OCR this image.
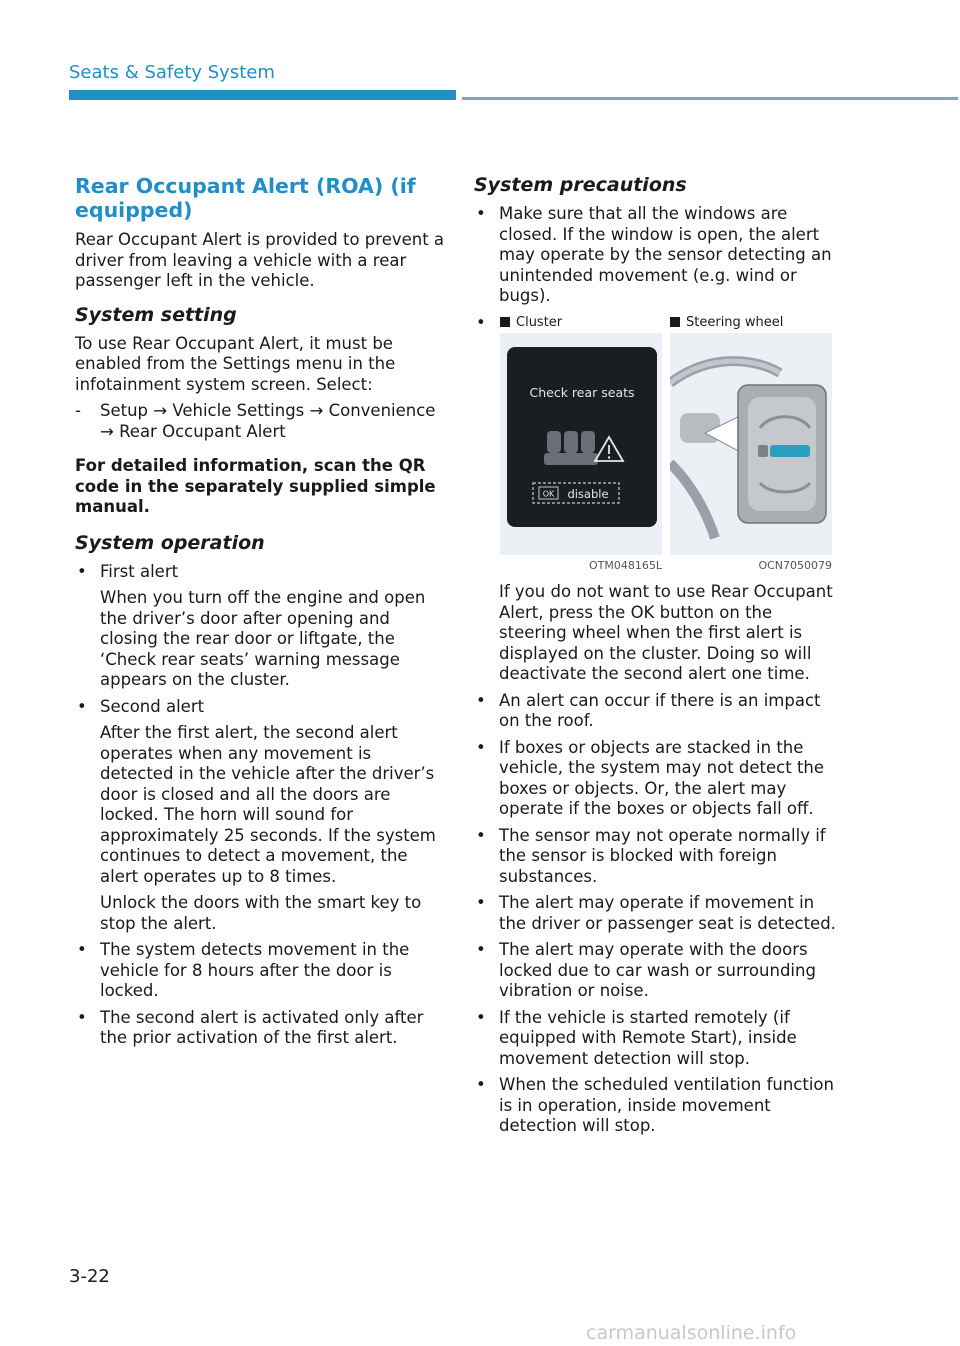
Seats & Safety System
Rear Occupant Alert (ROA) (if equipped)

Rear Occupant Alert is provided to prevent a driver from leaving a vehicle with a rear passenger left in the vehicle.

System setting

To use Rear Occupant Alert, it must be enabled from the Settings menu in the infotainment system screen. Select:

- Setup → Vehicle Settings → Convenience → Rear Occupant Alert

For detailed information, scan the QR code in the separately supplied simple manual.

System operation
• First alert

When you turn off the engine and open the driver’s door after opening and closing the rear door or liftgate, the ‘Check rear seats’ warning message appears on the cluster.

• Second alert

After the first alert, the second alert operates when any movement is detected in the vehicle after the driver’s door is closed and all the doors are locked. The horn will sound for approximately 25 seconds. If the system continues to detect a movement, the alert operates up to 8 times.

Unlock the doors with the smart key to stop the alert.

• The system detects movement in the vehicle for 8 hours after the door is locked.

• The second alert is activated only after the prior activation of the first alert.

System precautions
• Make sure that all the windows are closed. If the window is open, the alert may operate by the sensor detecting an unintended movement (e.g. wind or bugs).

•	Cluster
Check rear seats
OK disable
OTM048165L
Steering wheel
OCN7050079

If you do not want to use Rear Occupant Alert, press the OK button on the steering wheel when the first alert is displayed on the cluster. Doing so will deactivate the second alert one time.

• An alert can occur if there is an impact on the roof.

• If boxes or objects are stacked in the vehicle, the system may not detect the boxes or objects. Or, the alert may operate if the boxes or objects fall off.

• The sensor may not operate normally if the sensor is blocked with foreign substances.

• The alert may operate if movement in the driver or passenger seat is detected.

• The alert may operate with the doors locked due to car wash or surrounding vibration or noise.

• If the vehicle is started remotely (if equipped with Remote Start), inside movement detection will stop.

• When the scheduled ventilation function is in operation, inside movement detection will stop.

3-22
carmanualsonline.info
